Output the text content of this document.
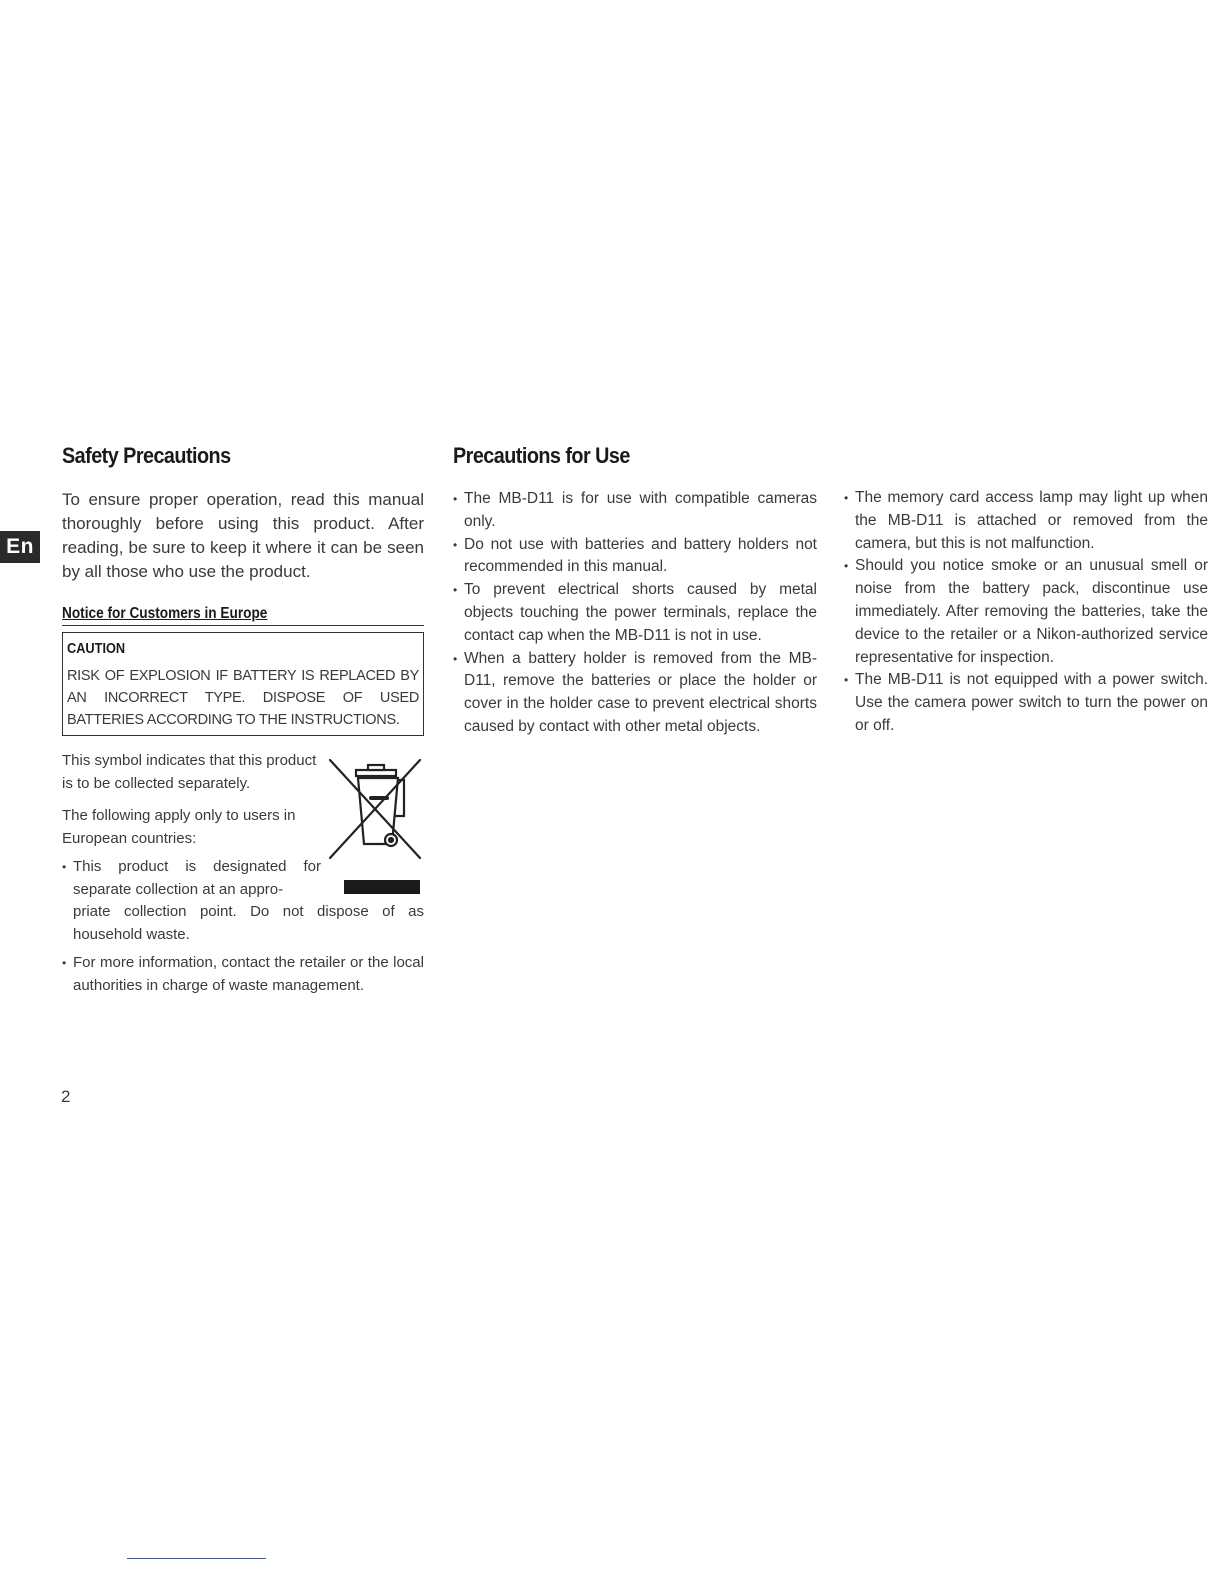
En
Safety Precautions

To ensure proper operation, read this manual thoroughly before using this product. After reading, be sure to keep it where it can be seen by all those who use the product.

Notice for Customers in Europe
CAUTION
RISK OF EXPLOSION IF BATTERY IS REPLACED BY AN INCORRECT TYPE. DISPOSE OF USED BATTERIES ACCORDING TO THE INSTRUCTIONS.

This symbol indicates that this product is to be collected separately.

The following apply only to users in European countries:

• This product is designated for separate collection at an appro-
priate collection point. Do not dispose of as household waste.
• For more information, contact the retailer or the local authorities in charge of waste management.
Precautions for Use
• The MB-D11 is for use with compatible cameras only.
• Do not use with batteries and battery holders not recommended in this manual.
• To prevent electrical shorts caused by metal objects touching the power terminals, replace the contact cap when the MB-D11 is not in use.
• When a battery holder is removed from the MB-D11, remove the batteries or place the holder or cover in the holder case to prevent electrical shorts caused by contact with other metal objects.
• The memory card access lamp may light up when the MB-D11 is attached or removed from the camera, but this is not malfunction.
• Should you notice smoke or an unusual smell or noise from the battery pack, discontinue use immediately. After removing the batteries, take the device to the retailer or a Nikon-authorized service representative for inspection.
• The MB-D11 is not equipped with a power switch. Use the camera power switch to turn the power on or off.
2
